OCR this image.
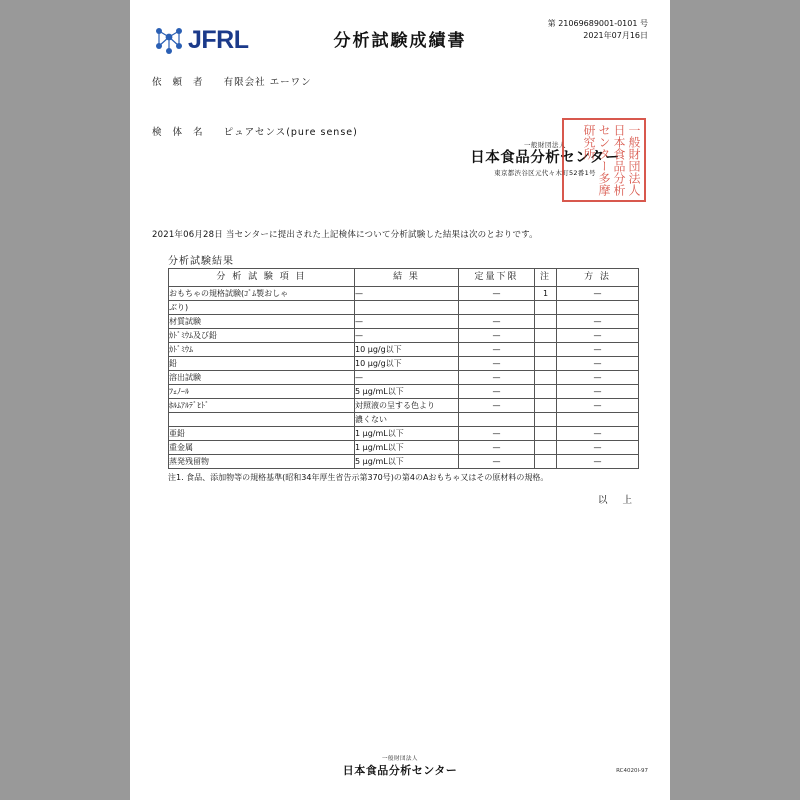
JFRL	分析試験成績書
第 21069689001-0101 号
2021年07月16日
依 頼 者 有限会社 エーワン
検 体 名 ピュアセンス(pure sense)
一般財団法人
日本食品分析センター
東京都渋谷区元代々木町52番1号	一般財団法人日本食品分析センター多摩研究所
2021年06月28日 当センターに提出された上記検体について分析試験した結果は次のとおりです。
分析試験結果
分 析 試 験 項 目	結 果	定量下限	注	方 法
おもちゃの規格試験(ｺﾞﾑ製おしゃ	—	—	1	—
ぶり)				
材質試験	—	—		—
ｶﾄﾞﾐｳﾑ及び鉛	—	—		—
ｶﾄﾞﾐｳﾑ	10 µg/g以下	—		—
鉛	10 µg/g以下	—		—
溶出試験	—	—		—
ﾌｪﾉｰﾙ	5 µg/mL以下	—		—
ﾎﾙﾑｱﾙﾃﾞﾋﾄﾞ	対照液の呈する色より	—		—
	濃くない			
亜鉛	1 µg/mL以下	—		—
重金属	1 µg/mL以下	—		—
蒸発残留物	5 µg/mL以下	—		—
注1. 食品、添加物等の規格基準(昭和34年厚生省告示第370号)の第4のAおもちゃ又はその原材料の規格。
以 上
一般財団法人
日本食品分析センター	RC4020l-97
